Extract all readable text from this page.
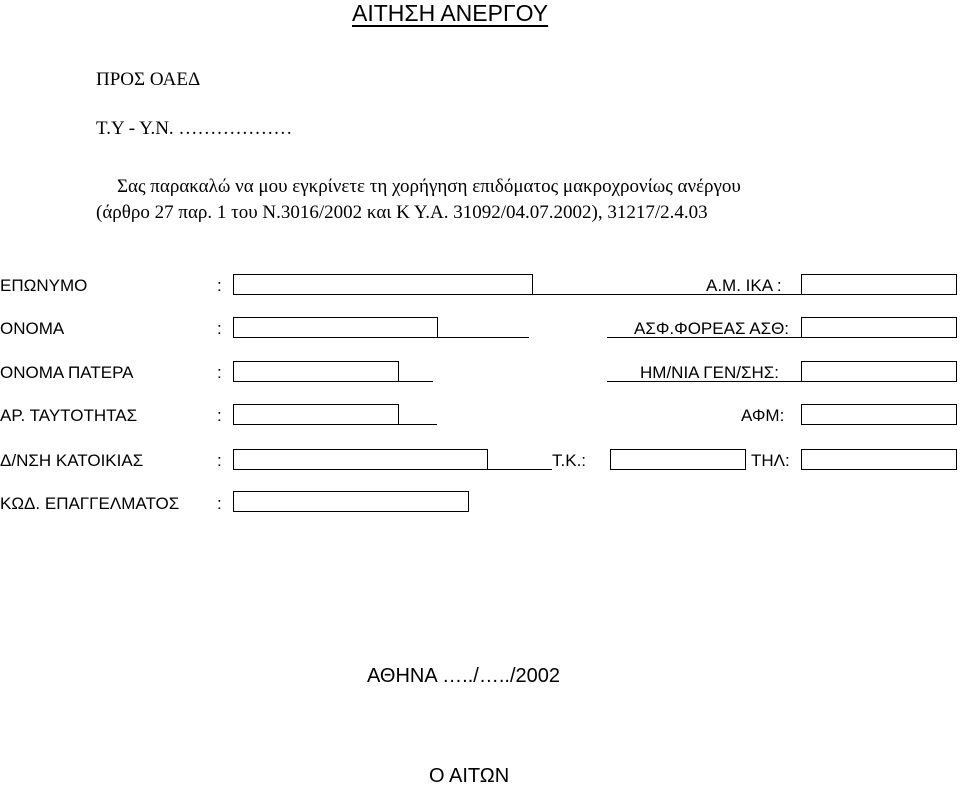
ΑΙΤΗΣΗ ΑΝΕΡΓΟΥ
ΠΡΟΣ ΟΑΕΔ
Τ.Υ - Υ.Ν. ………………
Σας παρακαλώ να μου εγκρίνετε τη χορήγηση επιδόματος μακροχρονίως ανέργου
(άρθρο 27 παρ. 1 του Ν.3016/2002 και Κ Υ.Α. 31092/04.07.2002), 31217/2.4.03
ΕΠΩΝΥΜΟ	:	Α.Μ. ΙΚΑ :
ΟΝΟΜΑ	:	ΑΣΦ.ΦΟΡΕΑΣ ΑΣΘ:
ΟΝΟΜΑ ΠΑΤΕΡΑ	:	ΗΜ/ΝΙΑ ΓΕΝ/ΣΗΣ:
ΑΡ. ΤΑΥΤΟΤΗΤΑΣ	:	ΑΦΜ:
Δ/ΝΣΗ ΚΑΤΟΙΚΙΑΣ	:	Τ.Κ.:	ΤΗΛ:
ΚΩΔ. ΕΠΑΓΓΕΛΜΑΤΟΣ :
ΑΘΗΝΑ …../…../2002
Ο ΑΙΤΩΝ
